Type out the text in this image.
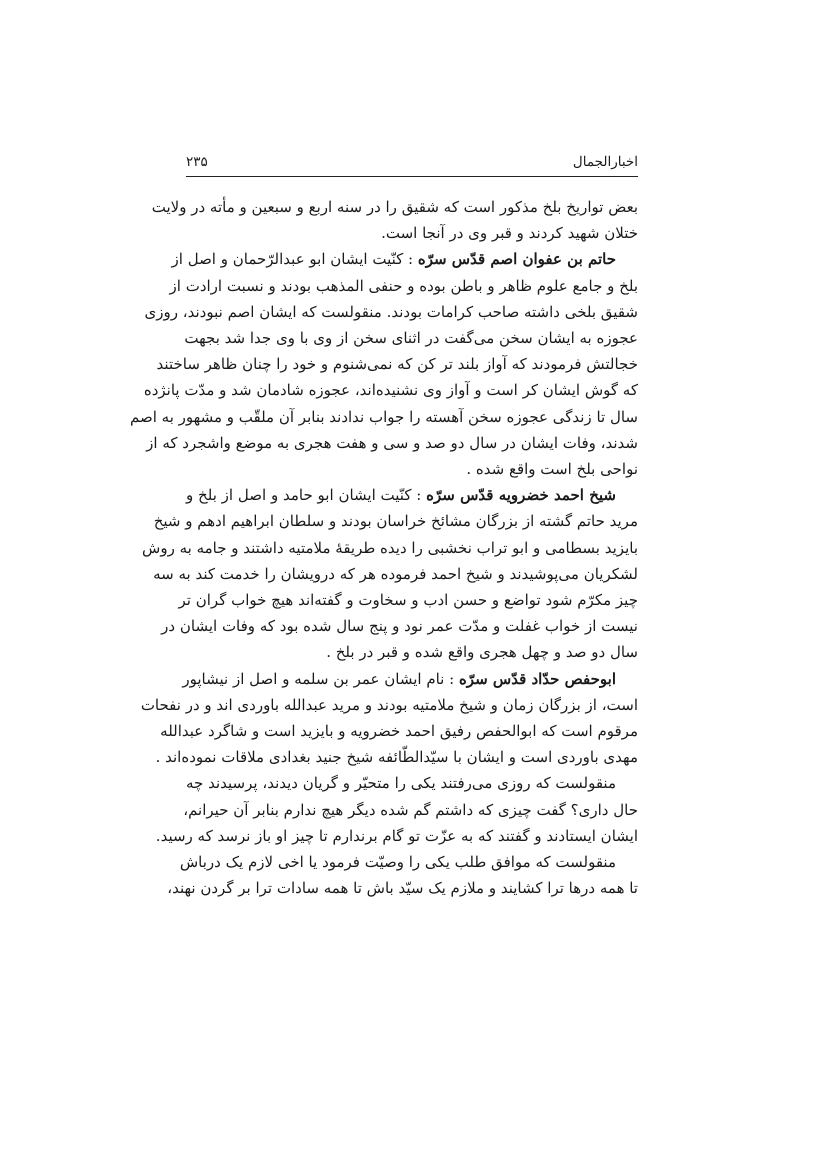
اخبارالجمال
۲۳۵
بعض تواریخ بلخ مذکور است که شقیق را در سنه اربع و سبعین و مأته در ولایت
ختلان شهید کردند و قبر وی در آنجا است.
حاتم بن عفوان اصم قدّس سرّه : کنّیت ایشان ابو عبدالرّحمان و اصل از
بلخ و جامع علوم ظاهر و باطن بوده و حنفی المذهب بودند و نسبت ارادت از
شقیق بلخی داشته صاحب کرامات بودند. منقولست که ایشان اصم نبودند، روزی
عجوزه به ایشان سخن می‌گفت در اثنای سخن از وی با وی جدا شد بجهت
خجالتش فرمودند که آواز بلند تر کن که نمی‌شنوم و خود را چنان ظاهر ساختند
که گوش ایشان کر است و آواز وی نشنیده‌اند، عجوزه شادمان شد و مدّت پانژده
سال تا زندگی عجوزه سخن آهسته را جواب ندادند بنابر آن ملقّب و مشهور به اصم
شدند، وفات ایشان در سال دو صد و سی و هفت هجری به موضع واشجرد که از
نواحی بلخ است واقع شده .
شیخ احمد خضرویه قدّس سرّه : کنّیت ایشان ابو حامد و اصل از بلخ و
مرید حاتم گشته از بزرگان مشائخ خراسان بودند و سلطان ابراهیم ادهم و شیخ
بایزید بسطامی و ابو تراب نخشبی را دیده طریقهٔ ملامتیه داشتند و جامه به روش
لشکریان می‌پوشیدند و شیخ احمد فرموده هر که درویشان را خدمت کند به سه
چیز مکرّم شود تواضع و حسن ادب و سخاوت و گفته‌اند هیچ خواب گران تر
نیست از خواب غفلت و مدّت عمر نود و پنج سال شده بود که وفات ایشان در
سال دو صد و چهل هجری واقع شده و قبر در بلخ .
ابوحفص حدّاد قدّس سرّه : نام ایشان عمر بن سلمه و اصل از نیشاپور
است، از بزرگان زمان و شیخ ملامتیه بودند و مرید عبدالله باوردی اند و در نفحات
مرقوم است که ابوالحفص رفیق احمد خضرویه و بایزید است و شاگرد عبدالله
مهدی باوردی است و ایشان با سیّدالطّائفه شیخ جنید بغدادی ملاقات نموده‌اند .
منقولست که روزی می‌رفتند یکی را متحیّر و گریان دیدند، پرسیدند چه
حال داری؟ گفت چیزی که داشتم گم شده دیگر هیچ ندارم بنابر آن حیرانم،
ایشان ایستادند و گفتند که به عزّت تو گام برندارم تا چیز او باز نرسد که رسید.
منقولست که موافق طلب یکی را وصیّت فرمود یا اخی لازم یک درباش
تا همه درها ترا کشایند و ملازم یک سیّد باش تا همه سادات ترا بر گردن نهند،
